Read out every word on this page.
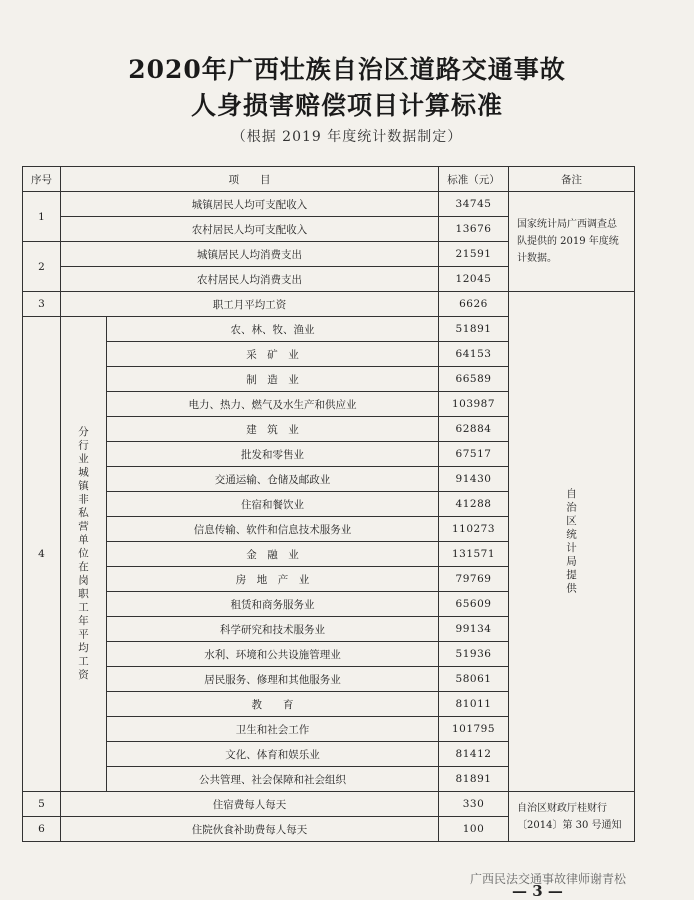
2020年广西壮族自治区道路交通事故
人身损害赔偿项目计算标准
（根据 2019 年度统计数据制定）
序号	项　　目		标准（元）	备注
1	城镇居民人均可支配收入		34745	国家统计局广西调查总队提供的 2019 年度统计数据。
	农村居民人均可支配收入		13676	
2	城镇居民人均消费支出		21591	
	农村居民人均消费支出		12045	
3	职工月平均工资		6626	自治区统计局提供

4	分行业城镇非私营单位在岗职工年平均工资	农、林、牧、渔业	51891	
		采　矿　业	64153	
		制　造　业	66589	
		电力、热力、燃气及水生产和供应业	103987	
		建　筑　业	62884	
		批发和零售业	67517	
		交通运输、仓储及邮政业	91430	
		住宿和餐饮业	41288	
		信息传输、软件和信息技术服务业	110273	
		金　融　业	131571	
		房　地　产　业	79769	
		租赁和商务服务业	65609	
		科学研究和技术服务业	99134	
		水利、环境和公共设施管理业	51936	
		居民服务、修理和其他服务业	58061	
		教　　育	81011	
		卫生和社会工作	101795	
		文化、体育和娱乐业	81412	
		公共管理、社会保障和社会组织	81891	
5	住宿费每人每天		330	自治区财政厅桂财行〔2014〕第 30 号通知
6	住院伙食补助费每人每天		100	
广西民法交通事故律师谢青松
— 3 —
